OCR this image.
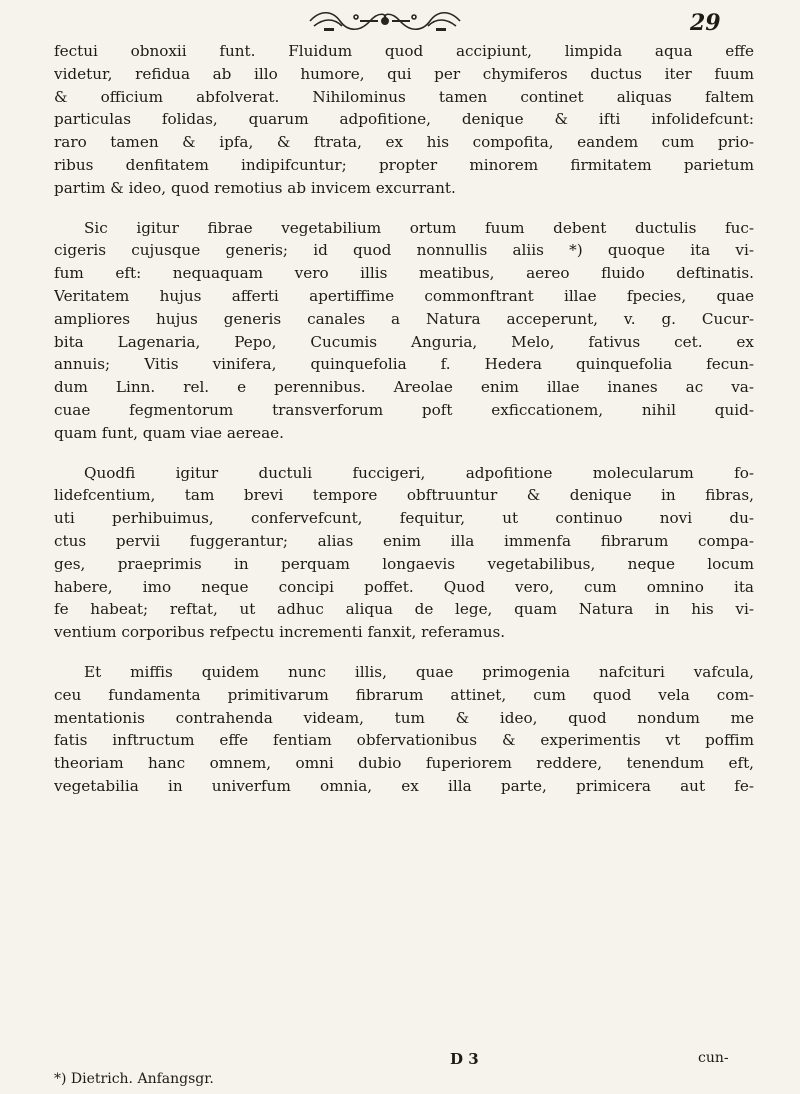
29
fectui obnoxii funt. Fluidum quod accipiunt, limpida aqua effe
videtur, refidua ab illo humore, qui per chymiferos ductus iter fuum
& officium abfolverat. Nihilominus tamen continet aliquas faltem
particulas folidas, quarum adpofitione, denique & ifti infolidefcunt:
raro tamen & ipfa, & ftrata, ex his compofita, eandem cum prio-
ribus denfitatem indipifcuntur; propter minorem firmitatem parietum
partim & ideo, quod remotius ab invicem excurrant.
Sic igitur fibrae vegetabilium ortum fuum debent ductulis fuc-
cigeris cujusque generis; id quod nonnullis aliis *) quoque ita vi-
fum eft: nequaquam vero illis meatibus, aereo fluido deftinatis.
Veritatem hujus afferti apertiffime commonftrant illae fpecies, quae
ampliores hujus generis canales a Natura acceperunt, v. g. Cucur-
bita Lagenaria, Pepo, Cucumis Anguria, Melo, fativus cet. ex
annuis; Vitis vinifera, quinquefolia f. Hedera quinquefolia fecun-
dum Linn. rel. e perennibus. Areolae enim illae inanes ac va-
cuae fegmentorum transverforum poft exficcationem, nihil quid-
quam funt, quam viae aereae.
Quodfi igitur ductuli fuccigeri, adpofitione molecularum fo-
lidefcentium, tam brevi tempore obftruuntur & denique in fibras,
uti perhibuimus, confervefcunt, fequitur, ut continuo novi du-
ctus pervii fuggerantur; alias enim illa immenfa fibrarum compa-
ges, praeprimis in perquam longaevis vegetabilibus, neque locum
habere, imo neque concipi poffet. Quod vero, cum omnino ita
fe habeat; reftat, ut adhuc aliqua de lege, quam Natura in his vi-
ventium corporibus refpectu incrementi fanxit, referamus.
Et miffis quidem nunc illis, quae primogenia nafcituri vafcula,
ceu fundamenta primitivarum fibrarum attinet, cum quod vela com-
mentationis contrahenda videam, tum & ideo, quod nondum me
fatis inftructum effe fentiam obfervationibus & experimentis vt poffim
theoriam hanc omnem, omni dubio fuperiorem reddere, tenendum eft,
vegetabilia in univerfum omnia, ex illa parte, primicera aut fe-
D 3	cun-
*) Dietrich. Anfangsgr.
